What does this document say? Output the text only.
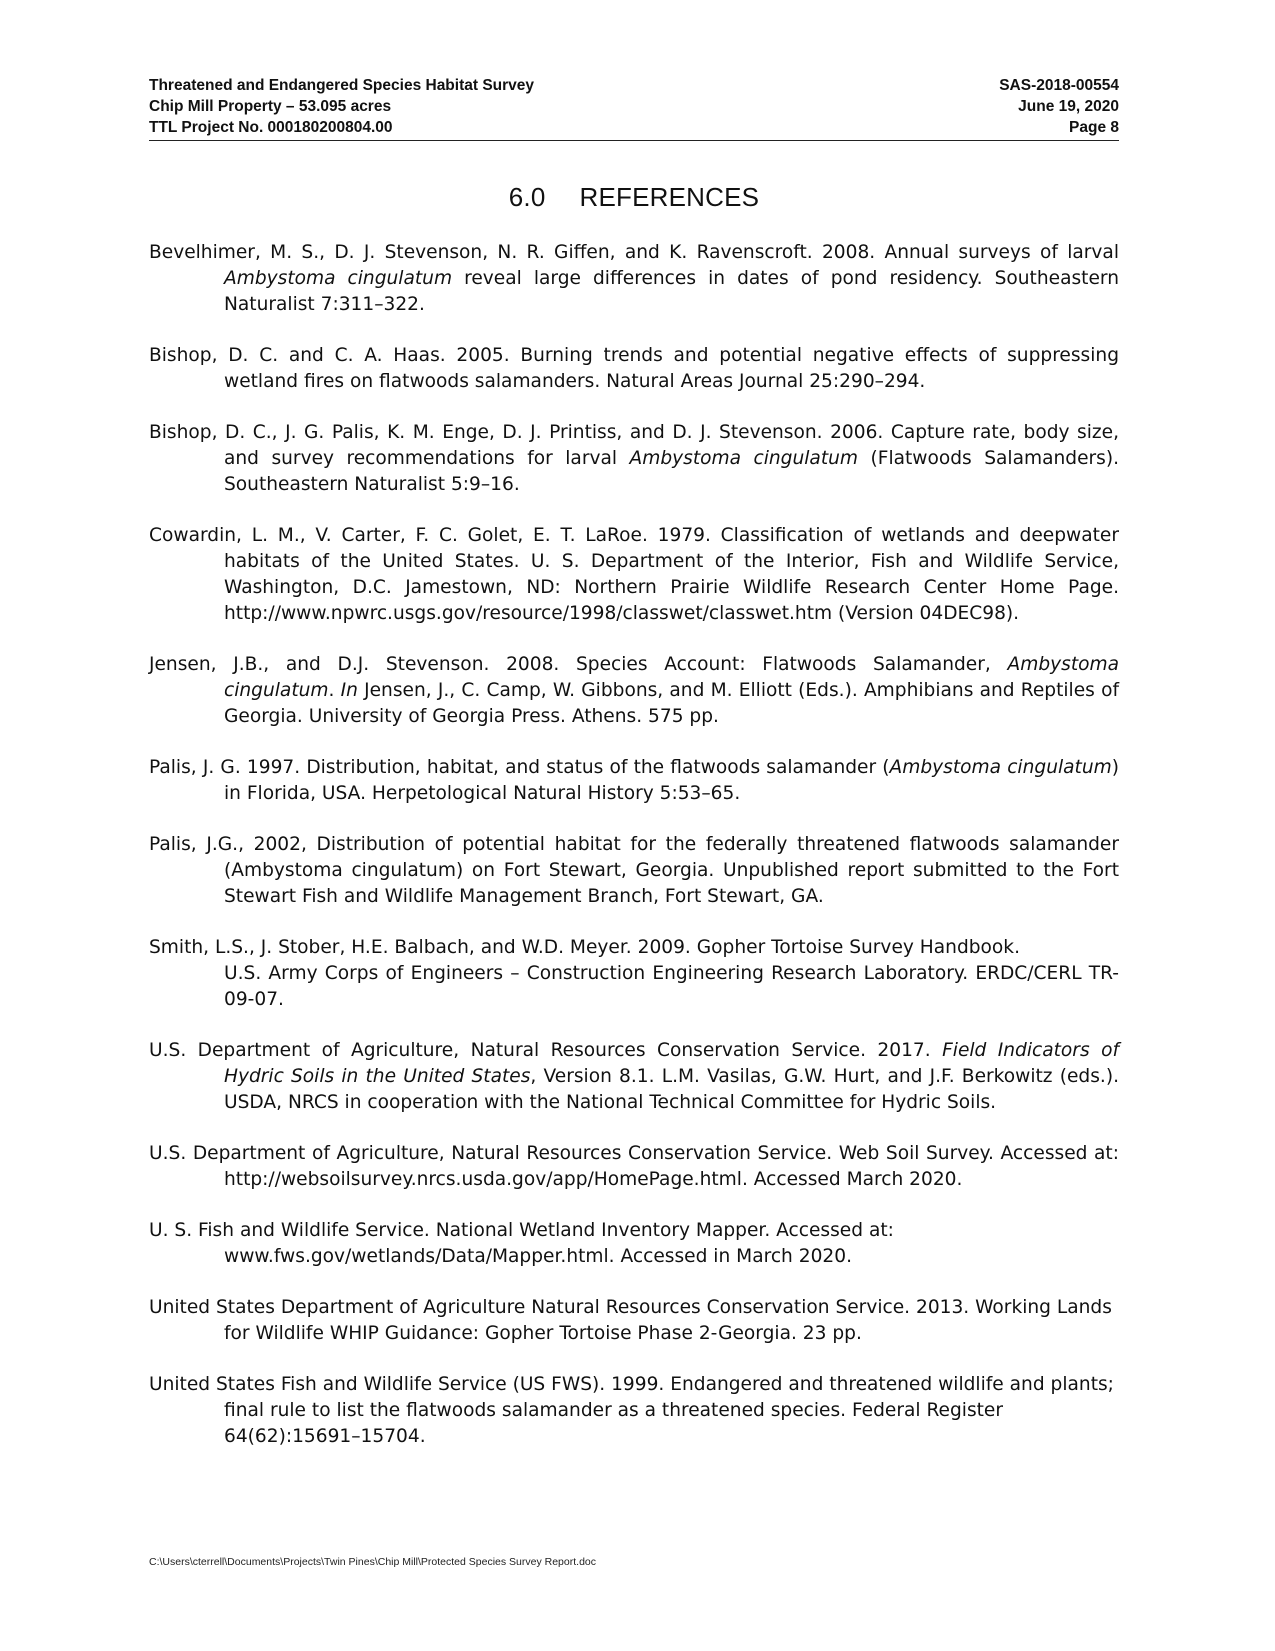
Threatened and Endangered Species Habitat Survey	SAS-2018-00554
Chip Mill Property – 53.095 acres	June 19, 2020
TTL Project No. 000180200804.00	Page 8
6.0 REFERENCES

Bevelhimer, M. S., D. J. Stevenson, N. R. Giffen, and K. Ravenscroft. 2008. Annual surveys of larval Ambystoma cingulatum reveal large differences in dates of pond residency. Southeastern Naturalist 7:311–322.

Bishop, D. C. and C. A. Haas. 2005. Burning trends and potential negative effects of suppressing wetland fires on flatwoods salamanders. Natural Areas Journal 25:290–294.

Bishop, D. C., J. G. Palis, K. M. Enge, D. J. Printiss, and D. J. Stevenson. 2006. Capture rate, body size, and survey recommendations for larval Ambystoma cingulatum (Flatwoods Salamanders). Southeastern Naturalist 5:9–16.

Cowardin, L. M., V. Carter, F. C. Golet, E. T. LaRoe. 1979. Classification of wetlands and deepwater habitats of the United States. U. S. Department of the Interior, Fish and Wildlife Service, Washington, D.C. Jamestown, ND: Northern Prairie Wildlife Research Center Home Page. http://www.npwrc.usgs.gov/resource/1998/classwet/classwet.htm (Version 04DEC98).

Jensen, J.B., and D.J. Stevenson. 2008. Species Account: Flatwoods Salamander, Ambystoma cingulatum. In Jensen, J., C. Camp, W. Gibbons, and M. Elliott (Eds.). Amphibians and Reptiles of Georgia. University of Georgia Press. Athens. 575 pp.

Palis, J. G. 1997. Distribution, habitat, and status of the flatwoods salamander (Ambystoma cingulatum) in Florida, USA. Herpetological Natural History 5:53–65.

Palis, J.G., 2002, Distribution of potential habitat for the federally threatened flatwoods salamander (Ambystoma cingulatum) on Fort Stewart, Georgia. Unpublished report submitted to the Fort Stewart Fish and Wildlife Management Branch, Fort Stewart, GA.

Smith, L.S., J. Stober, H.E. Balbach, and W.D. Meyer. 2009. Gopher Tortoise Survey Handbook.
U.S. Army Corps of Engineers – Construction Engineering Research Laboratory. ERDC/CERL TR-09-07.

U.S. Department of Agriculture, Natural Resources Conservation Service. 2017. Field Indicators of Hydric Soils in the United States, Version 8.1. L.M. Vasilas, G.W. Hurt, and J.F. Berkowitz (eds.). USDA, NRCS in cooperation with the National Technical Committee for Hydric Soils.

U.S. Department of Agriculture, Natural Resources Conservation Service. Web Soil Survey. Accessed at: http://websoilsurvey.nrcs.usda.gov/app/HomePage.html. Accessed March 2020.

U. S. Fish and Wildlife Service. National Wetland Inventory Mapper. Accessed at:
www.fws.gov/wetlands/Data/Mapper.html. Accessed in March 2020.

United States Department of Agriculture Natural Resources Conservation Service. 2013. Working Lands for Wildlife WHIP Guidance: Gopher Tortoise Phase 2-Georgia. 23 pp.

United States Fish and Wildlife Service (US FWS). 1999. Endangered and threatened wildlife and plants; final rule to list the flatwoods salamander as a threatened species. Federal Register 64(62):15691–15704.

C:\Users\cterrell\Documents\Projects\Twin Pines\Chip Mill\Protected Species Survey Report.doc
